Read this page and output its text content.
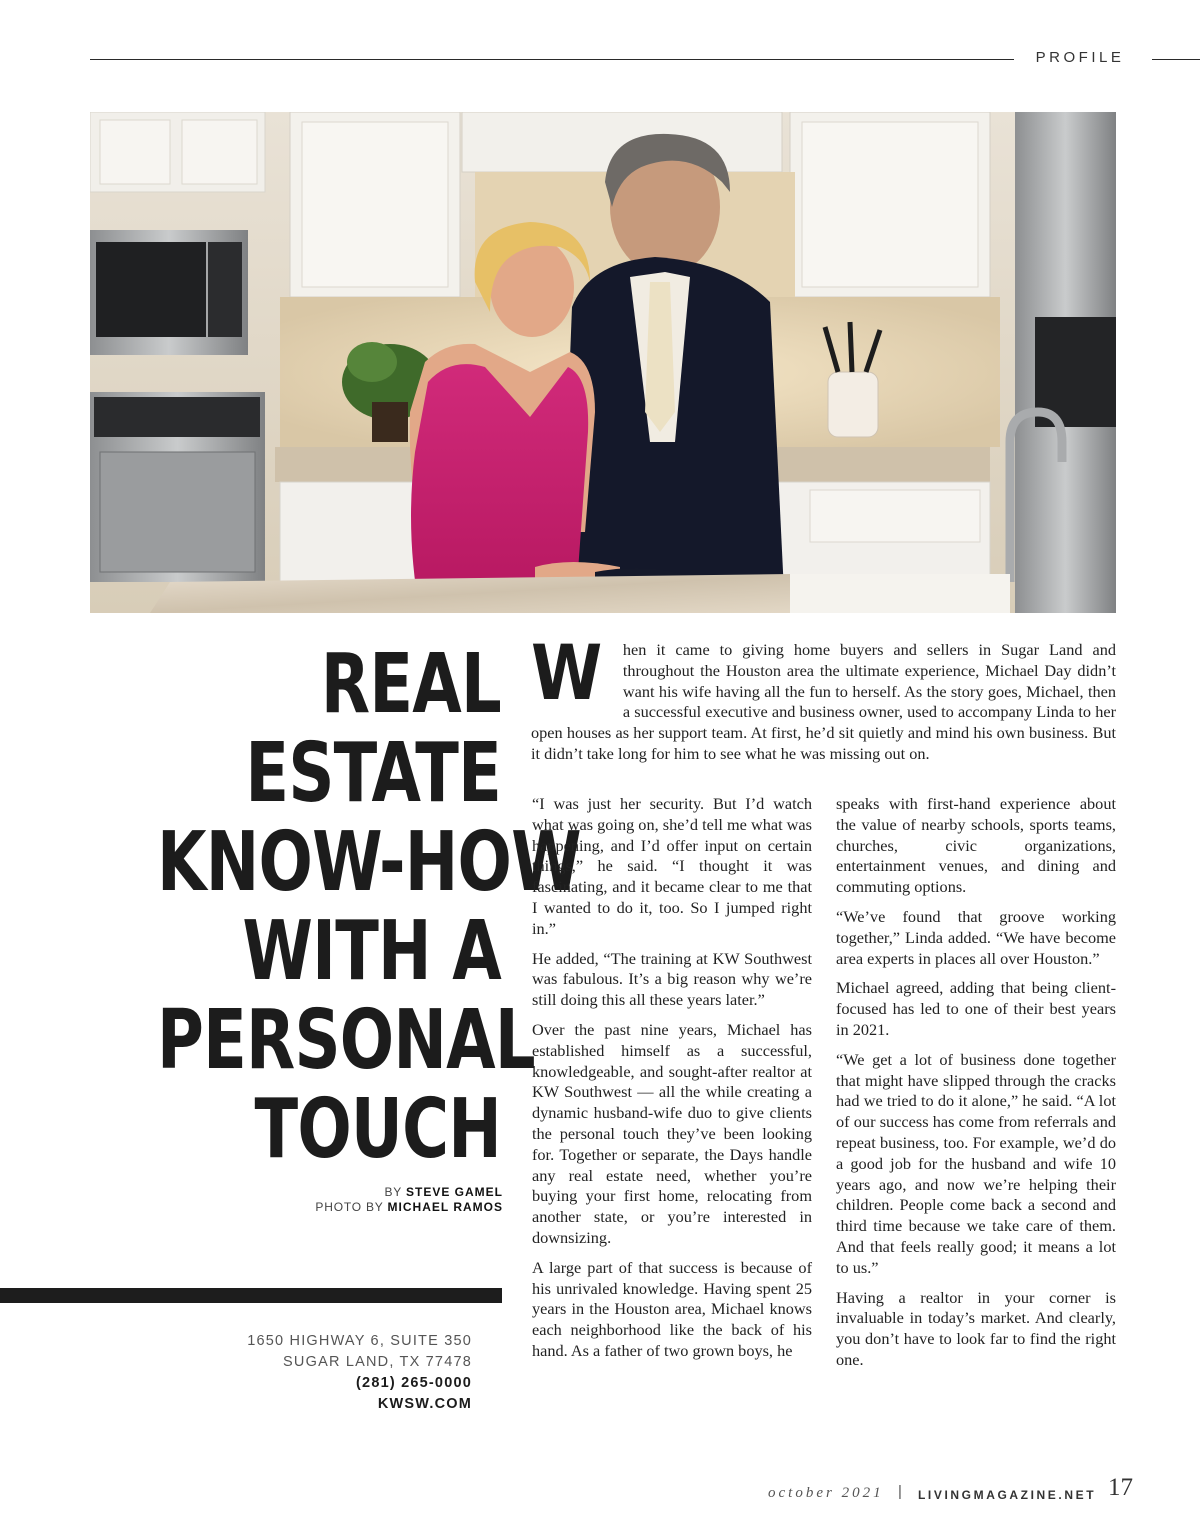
PROFILE
REAL
ESTATE
KNOW-HOW
WITH A
PERSONAL
TOUCH
BY STEVE GAMEL
PHOTO BY MICHAEL RAMOS
1650 HIGHWAY 6, SUITE 350
SUGAR LAND, TX 77478
(281) 265-0000
KWSW.COM
W hen it came to giving home buyers and sellers in Sugar Land and throughout the Houston area the ultimate experience, Michael Day didn’t want his wife having all the fun to herself. As the story goes, Michael, then a successful executive and business owner, used to accompany Linda to her open houses as her support team. At first, he’d sit quietly and mind his own business. But it didn’t take long for him to see what he was missing out on.

“I was just her security. But I’d watch what was going on, she’d tell me what was happening, and I’d offer input on certain things,” he said. “I thought it was fascinating, and it became clear to me that I wanted to do it, too. So I jumped right in.”

He added, “The training at KW Southwest was fabulous. It’s a big reason why we’re still doing this all these years later.”

Over the past nine years, Michael has established himself as a successful, knowledgeable, and sought-after realtor at KW Southwest — all the while creating a dynamic husband-wife duo to give clients the personal touch they’ve been looking for. Together or separate, the Days handle any real estate need, whether you’re buying your first home, relocating from another state, or you’re interested in downsizing.

A large part of that success is because of his unrivaled knowledge. Having spent 25 years in the Houston area, Michael knows each neighborhood like the back of his hand. As a father of two grown boys, he

speaks with first-hand experience about the value of nearby schools, sports teams, churches, civic organizations, entertainment venues, and dining and commuting options.

“We’ve found that groove working together,” Linda added. “We have become area experts in places all over Houston.”

Michael agreed, adding that being client-focused has led to one of their best years in 2021.

“We get a lot of business done together that might have slipped through the cracks had we tried to do it alone,” he said. “A lot of our success has come from referrals and repeat business, too. For example, we’d do a good job for the husband and wife 10 years ago, and now we’re helping their children. People come back a second and third time because we take care of them. And that feels really good; it means a lot to us.”

Having a realtor in your corner is invaluable in today’s market. And clearly, you don’t have to look far to find the right one.

october 2021 | LIVINGMAGAZINE.NET 17
